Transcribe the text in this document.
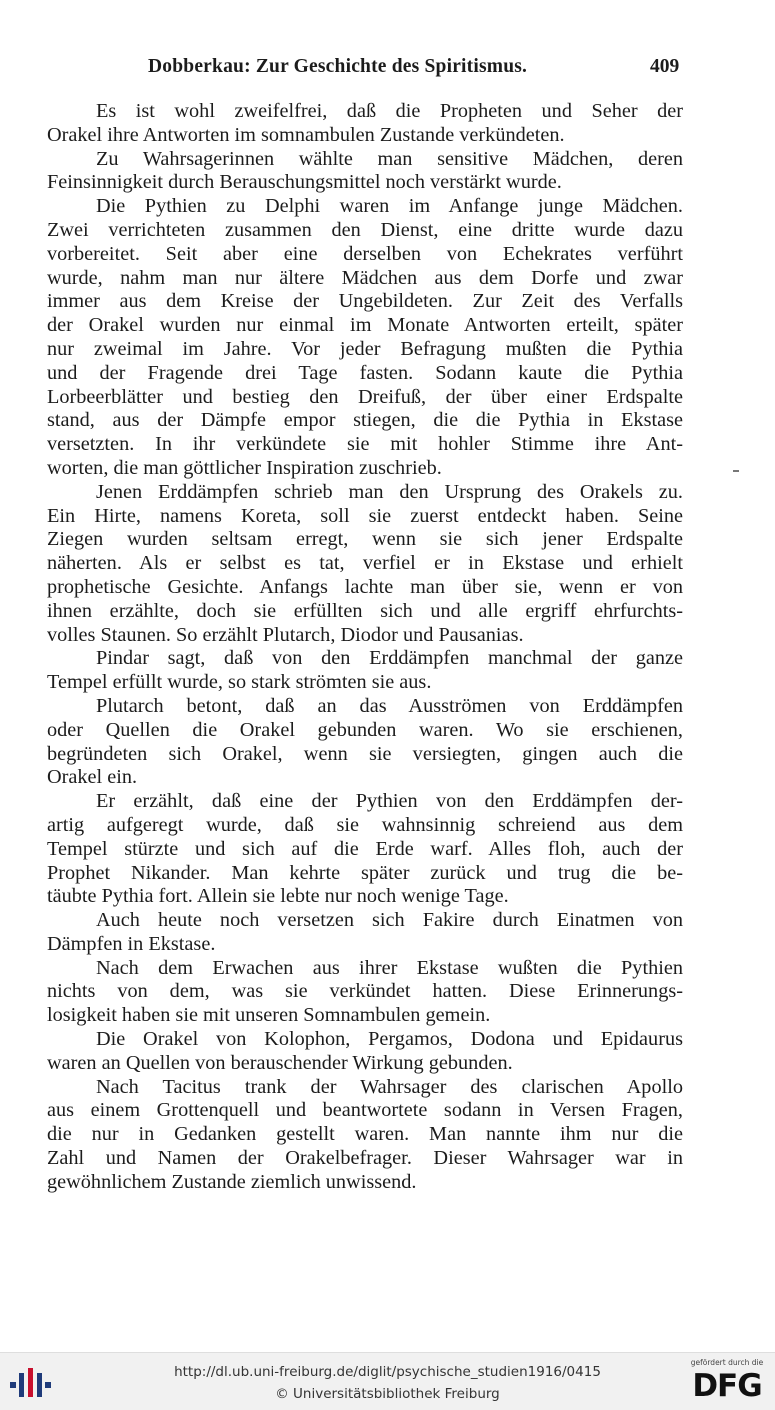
Dobberkau: Zur Geschichte des Spiritismus.	409
Es ist wohl zweifelfrei, daß die Propheten und Seher der
Orakel ihre Antworten im somnambulen Zustande verkündeten.
Zu Wahrsagerinnen wählte man sensitive Mädchen, deren
Feinsinnigkeit durch Berauschungsmittel noch verstärkt wurde.
Die Pythien zu Delphi waren im Anfange junge Mädchen.
Zwei verrichteten zusammen den Dienst, eine dritte wurde dazu
vorbereitet. Seit aber eine derselben von Echekrates verführt
wurde, nahm man nur ältere Mädchen aus dem Dorfe und zwar
immer aus dem Kreise der Ungebildeten. Zur Zeit des Verfalls
der Orakel wurden nur einmal im Monate Antworten erteilt, später
nur zweimal im Jahre. Vor jeder Befragung mußten die Pythia
und der Fragende drei Tage fasten. Sodann kaute die Pythia
Lorbeerblätter und bestieg den Dreifuß, der über einer Erdspalte
stand, aus der Dämpfe empor stiegen, die die Pythia in Ekstase
versetzten. In ihr verkündete sie mit hohler Stimme ihre Ant-
worten, die man göttlicher Inspiration zuschrieb.
Jenen Erddämpfen schrieb man den Ursprung des Orakels zu.
Ein Hirte, namens Koreta, soll sie zuerst entdeckt haben. Seine
Ziegen wurden seltsam erregt, wenn sie sich jener Erdspalte
näherten. Als er selbst es tat, verfiel er in Ekstase und erhielt
prophetische Gesichte. Anfangs lachte man über sie, wenn er von
ihnen erzählte, doch sie erfüllten sich und alle ergriff ehrfurchts-
volles Staunen. So erzählt Plutarch, Diodor und Pausanias.
Pindar sagt, daß von den Erddämpfen manchmal der ganze
Tempel erfüllt wurde, so stark strömten sie aus.
Plutarch betont, daß an das Ausströmen von Erddämpfen
oder Quellen die Orakel gebunden waren. Wo sie erschienen,
begründeten sich Orakel, wenn sie versiegten, gingen auch die
Orakel ein.
Er erzählt, daß eine der Pythien von den Erddämpfen der-
artig aufgeregt wurde, daß sie wahnsinnig schreiend aus dem
Tempel stürzte und sich auf die Erde warf. Alles floh, auch der
Prophet Nikander. Man kehrte später zurück und trug die be-
täubte Pythia fort. Allein sie lebte nur noch wenige Tage.
Auch heute noch versetzen sich Fakire durch Einatmen von
Dämpfen in Ekstase.
Nach dem Erwachen aus ihrer Ekstase wußten die Pythien
nichts von dem, was sie verkündet hatten. Diese Erinnerungs-
losigkeit haben sie mit unseren Somnambulen gemein.
Die Orakel von Kolophon, Pergamos, Dodona und Epidaurus
waren an Quellen von berauschender Wirkung gebunden.
Nach Tacitus trank der Wahrsager des clarischen Apollo
aus einem Grottenquell und beantwortete sodann in Versen Fragen,
die nur in Gedanken gestellt waren. Man nannte ihm nur die
Zahl und Namen der Orakelbefrager. Dieser Wahrsager war in
gewöhnlichem Zustande ziemlich unwissend.
http://dl.ub.uni-freiburg.de/diglit/psychische_studien1916/0415
© Universitätsbibliothek Freiburg
gefördert durch die
DFG
